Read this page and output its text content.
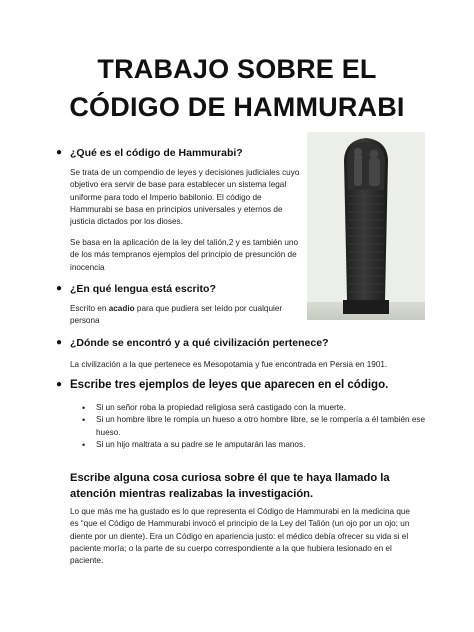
TRABAJO SOBRE EL
CÓDIGO DE HAMMURABI
● ¿Qué es el código de Hammurabi?
Se trata de un compendio de leyes y decisiones judiciales cuyo objetivo era servir de base para establecer un sistema legal uniforme para todo el Imperio babilonio. El código de Hammurabi se basa en principios universales y eternos de justicia dictados por los dioses.
Se basa en la aplicación de la ley del talión,2 y es también uno de los más tempranos ejemplos del principio de presunción de inocencia
● ¿En qué lengua está escrito?
Escrito en acadio para que pudiera ser leído por cualquier persona
● ¿Dónde se encontró y a qué civilización pertenece?
La civilización a la que pertenece es Mesopotamia y fue encontrada en Persia en 1901.
● Escribe tres ejemplos de leyes que aparecen en el código.
• Si un señor roba la propiedad religiosa será castigado con la muerte.
• Si un hombre libre le rompía un hueso a otro hombre libre, se le rompería a él también ese hueso.
• Si un hijo maltrata a su padre se le amputarán las manos.
Escribe alguna cosa curiosa sobre él que te haya llamado la atención mientras realizabas la investigación.
Lo que más me ha gustado es lo que representa el Código de Hammurabi en la medicina que es “que el Código de Hammurabi invocó el principio de la Ley del Talión (un ojo por un ojo; un diente por un diente). Era un Código en apariencia justo: el médico debía ofrecer su vida si el paciente moría; o la parte de su cuerpo correspondiente a la que hubiera lesionado en el paciente.
